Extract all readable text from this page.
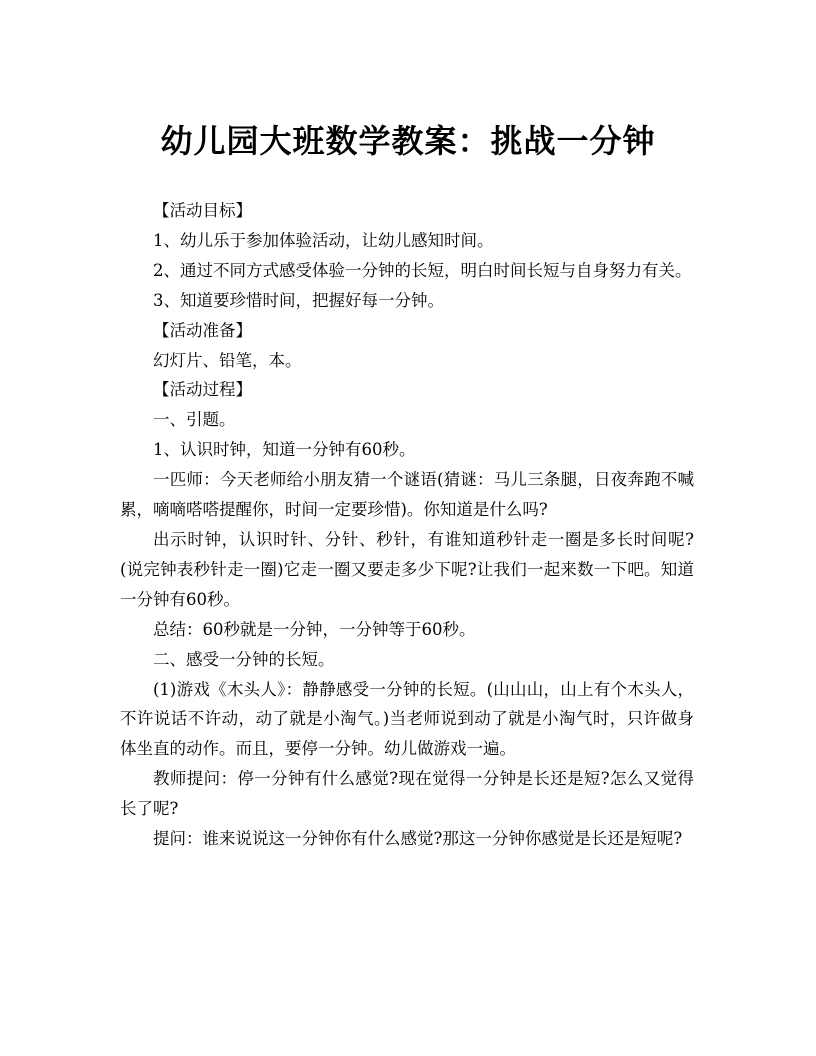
幼儿园大班数学教案：挑战一分钟

【活动目标】

1、幼儿乐于参加体验活动，让幼儿感知时间。

2、通过不同方式感受体验一分钟的长短，明白时间长短与自身努力有关。

3、知道要珍惜时间，把握好每一分钟。

【活动准备】

幻灯片、铅笔，本。

【活动过程】

一、引题。

1、认识时钟，知道一分钟有60秒。

一匹师：今天老师给小朋友猜一个谜语(猜谜：马儿三条腿，日夜奔跑不喊累，嘀嘀嗒嗒提醒你，时间一定要珍惜)。你知道是什么吗?

出示时钟，认识时针、分针、秒针，有谁知道秒针走一圈是多长时间呢?(说完钟表秒针走一圈)它走一圈又要走多少下呢?让我们一起来数一下吧。知道一分钟有60秒。

总结：60秒就是一分钟，一分钟等于60秒。

二、感受一分钟的长短。

(1)游戏《木头人》：静静感受一分钟的长短。(山山山，山上有个木头人，不许说话不许动，动了就是小淘气。)当老师说到动了就是小淘气时，只许做身体坐直的动作。而且，要停一分钟。幼儿做游戏一遍。

教师提问：停一分钟有什么感觉?现在觉得一分钟是长还是短?怎么又觉得长了呢?

提问：谁来说说这一分钟你有什么感觉?那这一分钟你感觉是长还是短呢?
